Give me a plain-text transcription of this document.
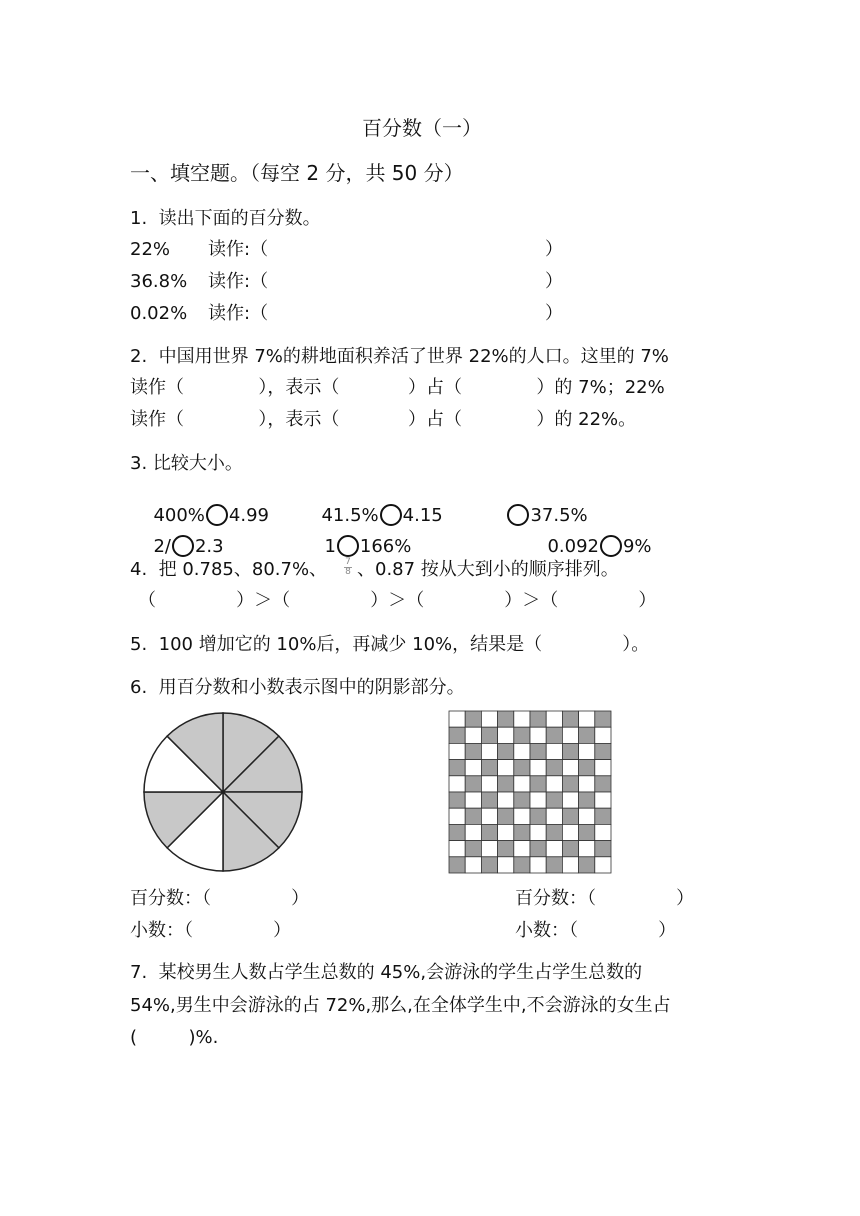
百分数（一）
一、填空题。（每空 2 分，共 50 分）
1.  读出下面的百分数。
22% 读作:（	）
36.8% 读作:（	）
0.02% 读作:（	）
2.  中国用世界 7%的耕地面积养活了世界 22%的人口。这里的 7%
读作（             ），表示（            ）占（             ）的 7%；22%
读作（             ），表示（            ）占（             ）的 22%。
3. 比较大小。

400% 4.99	41.5% 4.15	37.5%

2/ 2.3	1 166%	0.092 9%

4.  把 0.785、80.7%、	7
8 、0.87 按从大到小的顺序排列。
（              ）＞（              ）＞（              ）＞（              ）
5.  100 增加它的 10%后，再减少 10%，结果是（              ）。
6.  用百分数和小数表示图中的阴影部分。
百分数：（              ）
小数：（              ）
百分数：（              ）
小数：（              ）
7.  某校男生人数占学生总数的 45%,会游泳的学生占学生总数的
54%,男生中会游泳的占 72%,那么,在全体学生中,不会游泳的女生占
(         )%.
